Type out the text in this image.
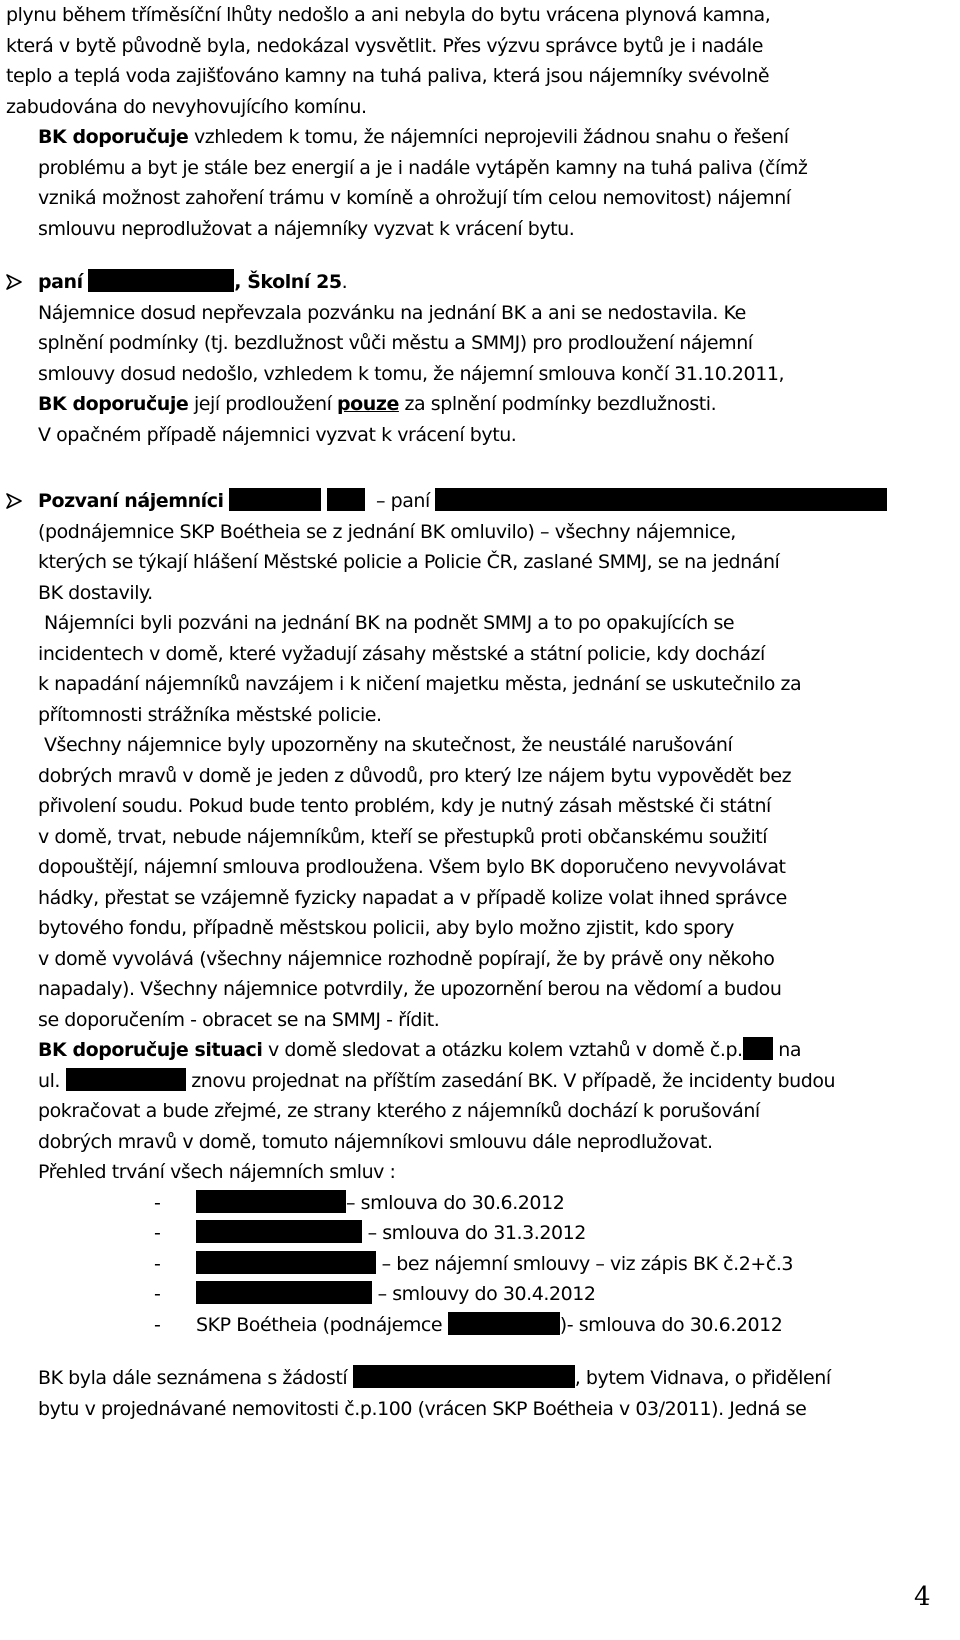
plynu během tříměsíční lhůty nedošlo a ani nebyla do bytu vrácena plynová kamna,
která v bytě původně byla, nedokázal vysvětlit. Přes výzvu správce bytů je i nadále
teplo a teplá voda zajišťováno kamny na tuhá paliva, která jsou nájemníky svévolně
zabudována do nevyhovujícího komínu.
BK doporučuje vzhledem k tomu, že nájemníci neprojevili žádnou snahu o řešení
problému a byt je stále bez energií a je i nadále vytápěn kamny na tuhá paliva (čímž
vzniká možnost zahoření trámu v komíně a ohrožují tím celou nemovitost) nájemní
smlouvu neprodlužovat a nájemníky vyzvat k vrácení bytu.
paní	, Školní 25.
Nájemnice dosud nepřevzala pozvánku na jednání BK a ani se nedostavila. Ke
splnění podmínky (tj. bezdlužnost vůči městu a SMMJ) pro prodloužení nájemní
smlouvy dosud nedošlo, vzhledem k tomu, že nájemní smlouva končí 31.10.2011,
BK doporučuje její prodloužení pouze za splnění podmínky bezdlužnosti.
V opačném případě nájemnici vyzvat k vrácení bytu.
Pozvaní nájemníci	– paní
(podnájemnice SKP Boétheia se z jednání BK omluvilo) – všechny nájemnice,
kterých se týkají hlášení Městské policie a Policie ČR, zaslané SMMJ, se na jednání
BK dostavily.
Nájemníci byli pozváni na jednání BK na podnět SMMJ a to po opakujících se
incidentech v domě, které vyžadují zásahy městské a státní policie, kdy dochází
k napadání nájemníků navzájem i k ničení majetku města, jednání se uskutečnilo za
přítomnosti strážníka městské policie.
Všechny nájemnice byly upozorněny na skutečnost, že neustálé narušování
dobrých mravů v domě je jeden z důvodů, pro který lze nájem bytu vypovědět bez
přivolení soudu. Pokud bude tento problém, kdy je nutný zásah městské či státní
v domě, trvat, nebude nájemníkům, kteří se přestupků proti občanskému soužití
dopouštějí, nájemní smlouva prodloužena. Všem bylo BK doporučeno nevyvolávat
hádky, přestat se vzájemně fyzicky napadat a v případě kolize volat ihned správce
bytového fondu, případně městskou policii, aby bylo možno zjistit, kdo spory
v domě vyvolává (všechny nájemnice rozhodně popírají, že by právě ony někoho
napadaly). Všechny nájemnice potvrdily, že upozornění berou na vědomí a budou
se doporučením - obracet se na SMMJ - řídit.
BK doporučuje situaci v domě sledovat a otázku kolem vztahů v domě č.p. na
ul.	znovu projednat na příštím zasedání BK. V případě, že incidenty budou
pokračovat a bude zřejmé, ze strany kterého z nájemníků dochází k porušování
dobrých mravů v domě, tomuto nájemníkovi smlouvu dále neprodlužovat.
Přehled trvání všech nájemních smluv :
-	– smlouva do 30.6.2012
-	– smlouva do 31.3.2012
-	– bez nájemní smlouvy – viz zápis BK č.2+č.3
-	– smlouvy do 30.4.2012
- SKP Boétheia (podnájemce	)- smlouva do 30.6.2012
BK byla dále seznámena s žádostí	, bytem Vidnava, o přidělení
bytu v projednávané nemovitosti č.p.100 (vrácen SKP Boétheia v 03/2011). Jedná se
4
